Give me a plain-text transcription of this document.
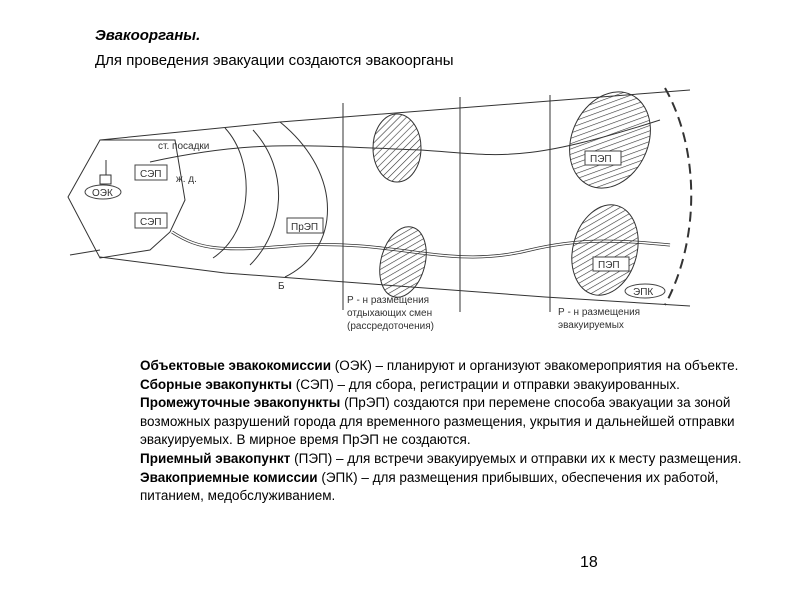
Эвакоорганы.
Для проведения эвакуации создаются эвакоорганы
ОЭК
СЭП
СЭП	ПрЭП
ст. посадки
ж. д.
Б
ПЭП
ПЭП
ЭПК
Р - н размещения
отдыхающих смен
(рассредоточения)
Р - н размещения
эвакуируемых

Объектовые эвакокомиссии (ОЭК) – планируют и организуют эвакомероприятия на объекте.

Сборные эвакопункты (СЭП) – для сбора, регистрации и отправки эвакуированных.

Промежуточные эвакопункты (ПрЭП) создаются при перемене способа эвакуации за зоной возможных разрушений города для временного размещения, укрытия и дальнейшей отправки эвакуируемых. В мирное время ПрЭП не создаются.

Приемный эвакопункт (ПЭП) – для встречи эвакуируемых и отправки их к месту размещения.

Эвакоприемные комиссии (ЭПК) – для размещения прибывших, обеспечения их работой, питанием, медобслуживанием.

18
